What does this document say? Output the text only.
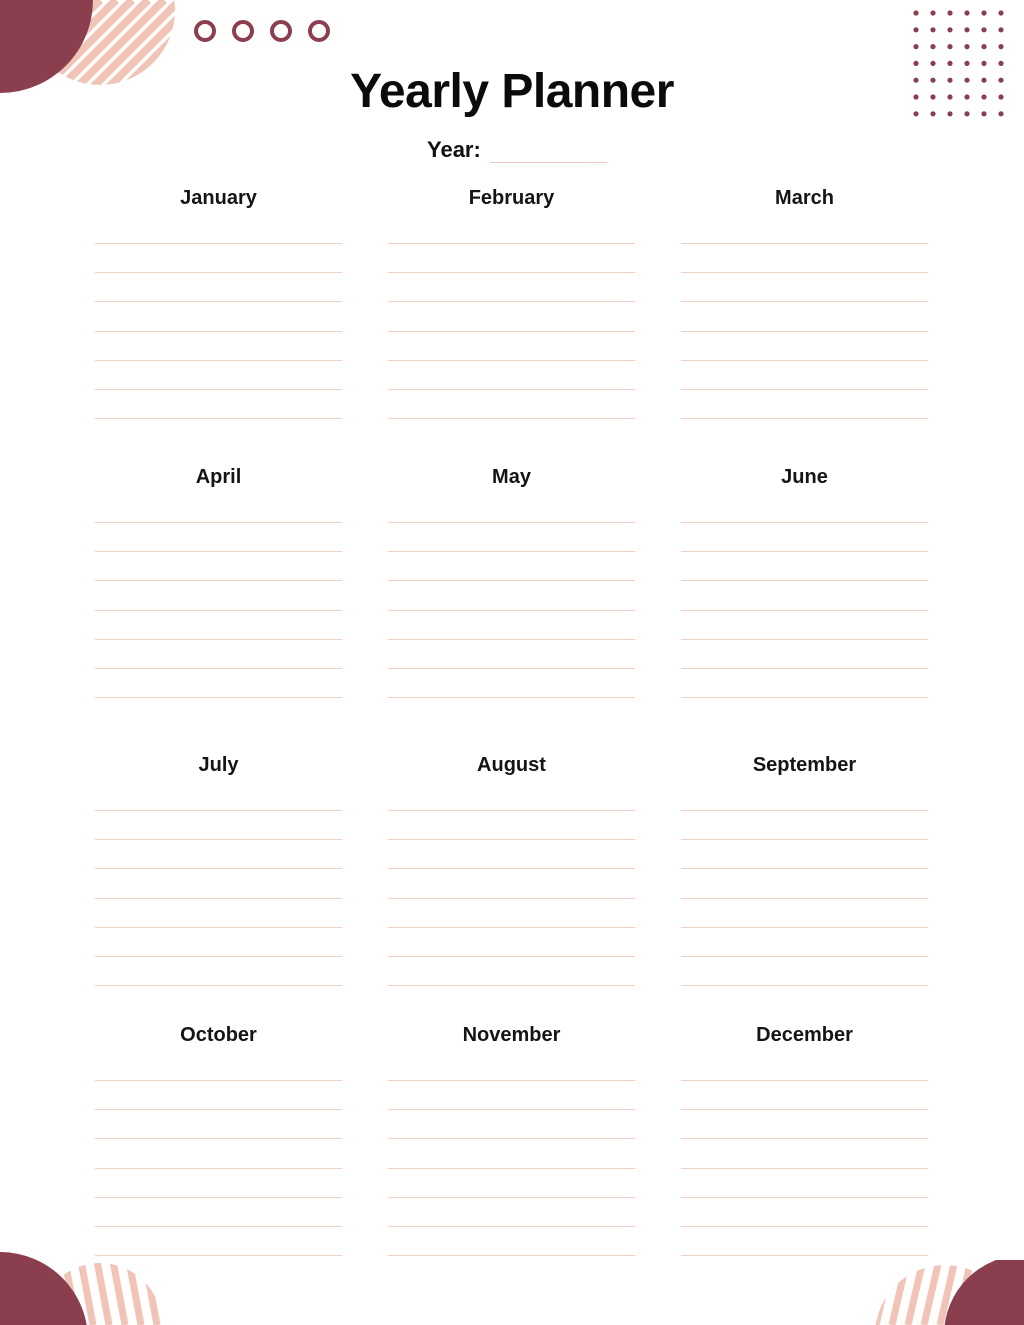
Yearly Planner
Year:
January	February	March
April	May	June
July	August	September
October	November	December
